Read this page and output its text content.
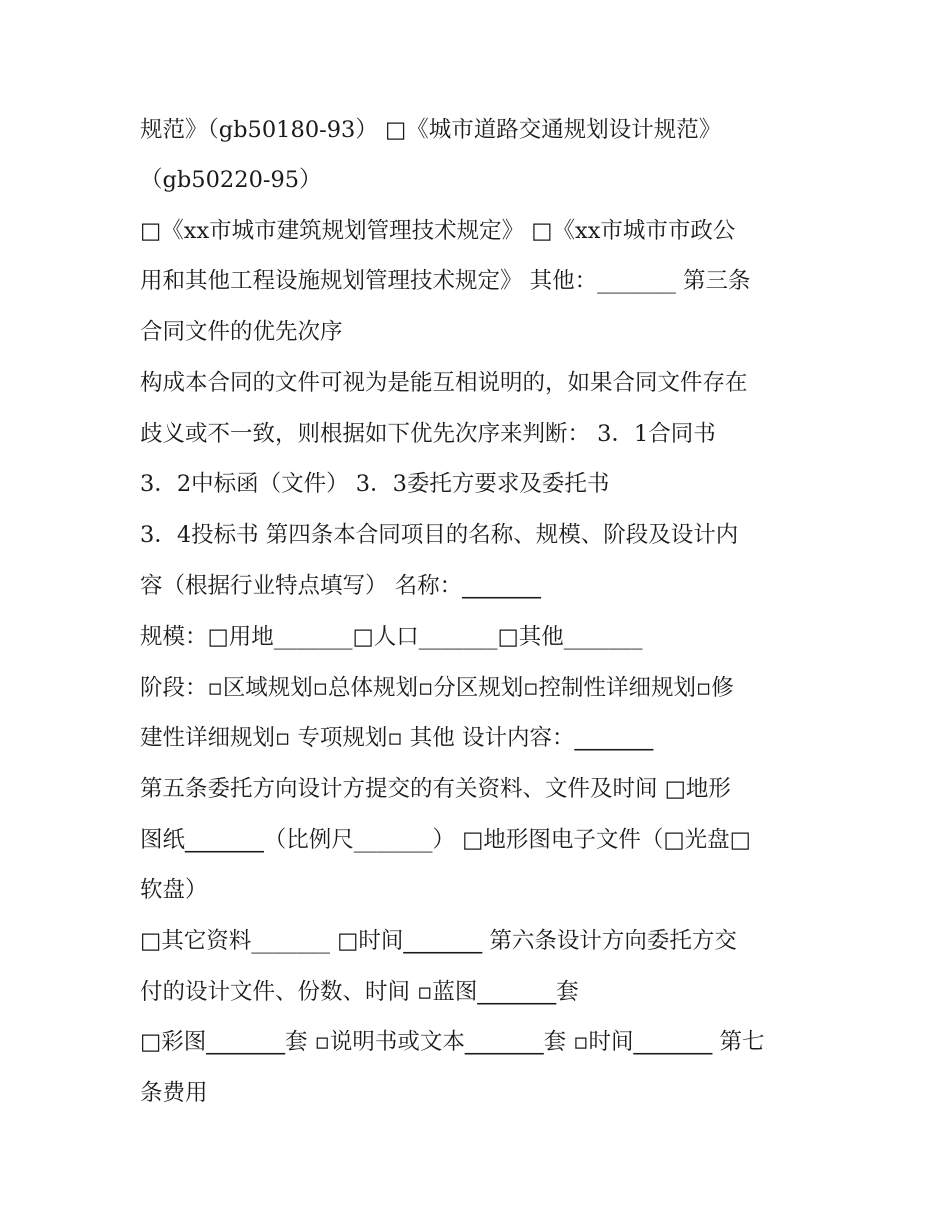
规范》（gb50180-93） □《城市道路交通规划设计规范》
（gb50220-95）
□《xx市城市建筑规划管理技术规定》 □《xx市城市市政公
用和其他工程设施规划管理技术规定》 其他：_______ 第三条
合同文件的优先次序
构成本合同的文件可视为是能互相说明的，如果合同文件存在
歧义或不一致，则根据如下优先次序来判断： 3．1合同书
3．2中标函（文件） 3．3委托方要求及委托书
3．4投标书 第四条本合同项目的名称、规模、阶段及设计内
容（根据行业特点填写） 名称：_______
规模：□用地_______□人口_______□其他_______
阶段：▫区域规划▫总体规划▫分区规划▫控制性详细规划▫修
建性详细规划▫ 专项规划▫ 其他 设计内容：_______
第五条委托方向设计方提交的有关资料、文件及时间 □地形
图纸_______（比例尺_______） □地形图电子文件（□光盘□
软盘）
□其它资料_______ □时间_______ 第六条设计方向委托方交
付的设计文件、份数、时间 ▫蓝图_______套
□彩图_______套 ▫说明书或文本_______套 ▫时间_______ 第七
条费用
